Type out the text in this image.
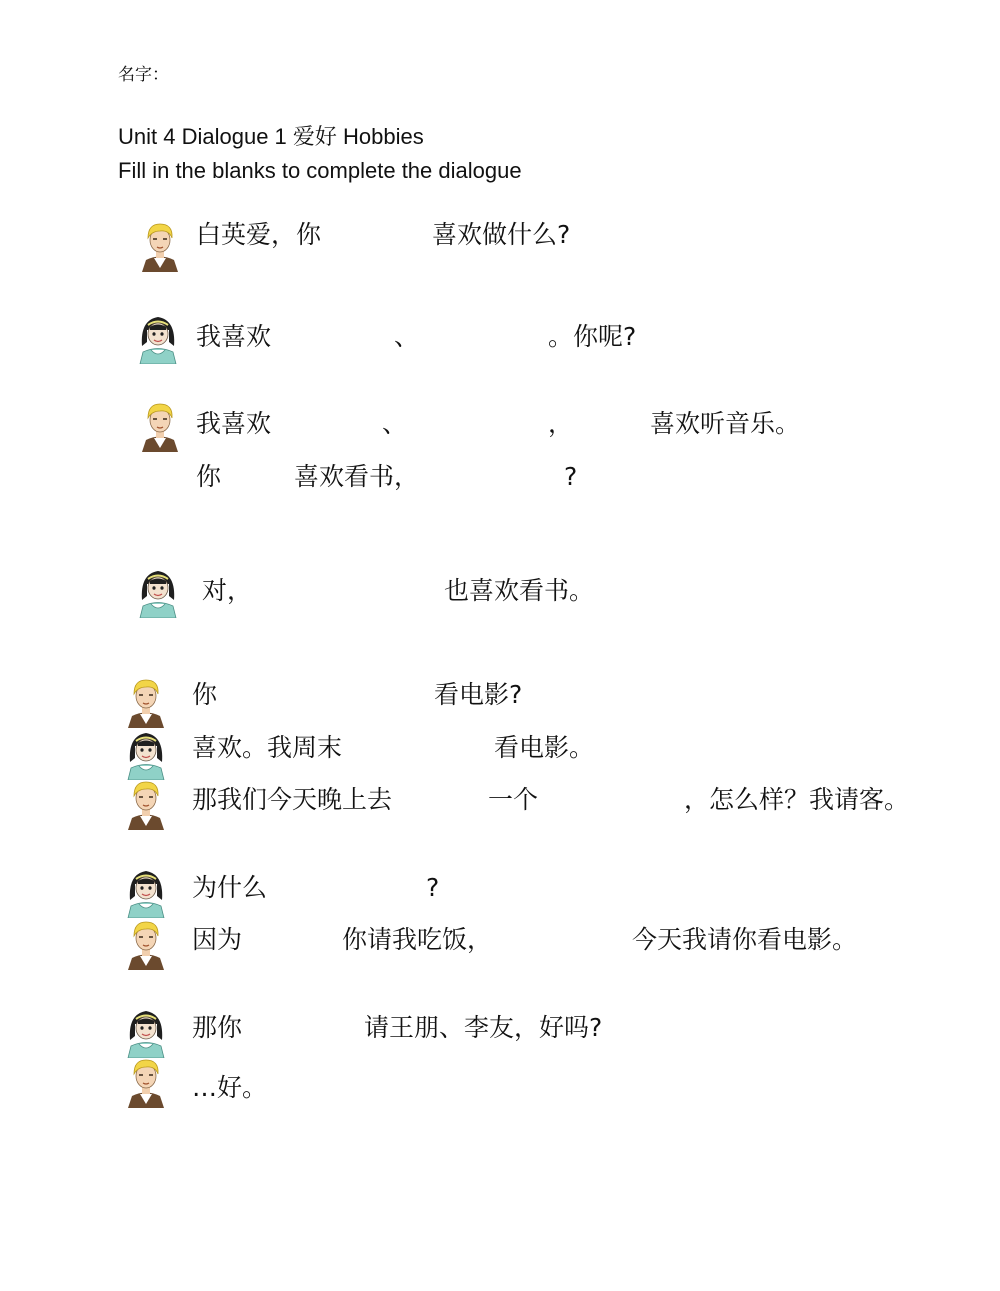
名字：
Unit 4 Dialogue 1 爱好 Hobbies
Fill in the blanks to complete the dialogue
白英爱，你	喜欢做什么?
我喜欢	、	。你呢?
我喜欢	、	，	喜欢听音乐。
你	喜欢看书，	?
对，	也喜欢看书。
你	看电影?
喜欢。我周末	看电影。
那我们今天晚上去	一个	，怎么样？我请客。
为什么	?
因为	你请我吃饭，	今天我请你看电影。
那你	请王朋、李友，好吗?
…好。
